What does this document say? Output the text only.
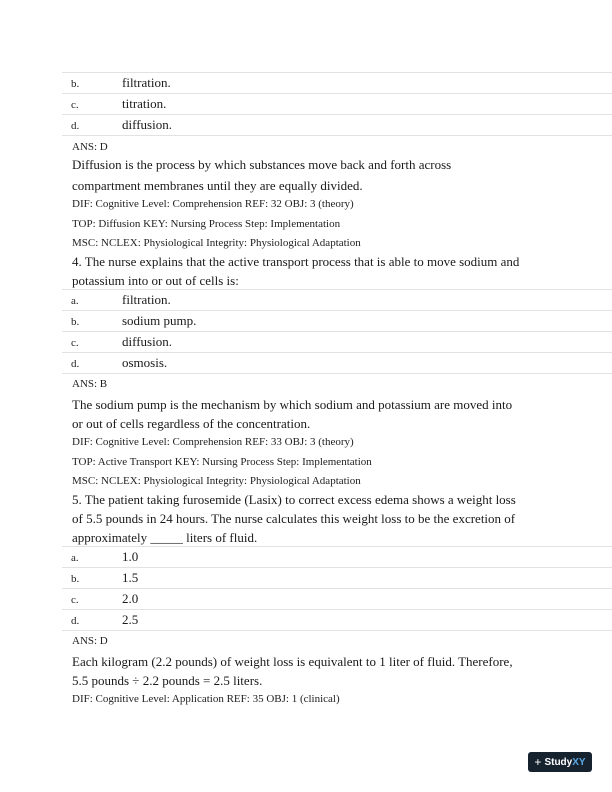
b.	filtration.
c.	titration.
d.	diffusion.
ANS: D
Diffusion is the process by which substances move back and forth across
compartment membranes until they are equally divided.
DIF: Cognitive Level: Comprehension REF: 32 OBJ: 3 (theory)
TOP: Diffusion KEY: Nursing Process Step: Implementation
MSC: NCLEX: Physiological Integrity: Physiological Adaptation
4. The nurse explains that the active transport process that is able to move sodium and
potassium into or out of cells is:
a.	filtration.
b.	sodium pump.
c.	diffusion.
d.	osmosis.
ANS: B
The sodium pump is the mechanism by which sodium and potassium are moved into
or out of cells regardless of the concentration.
DIF: Cognitive Level: Comprehension REF: 33 OBJ: 3 (theory)
TOP: Active Transport KEY: Nursing Process Step: Implementation
MSC: NCLEX: Physiological Integrity: Physiological Adaptation
5. The patient taking furosemide (Lasix) to correct excess edema shows a weight loss
of 5.5 pounds in 24 hours. The nurse calculates this weight loss to be the excretion of
approximately _____ liters of fluid.
a.	1.0
b.	1.5
c.	2.0
d.	2.5
ANS: D
Each kilogram (2.2 pounds) of weight loss is equivalent to 1 liter of fluid. Therefore,
5.5 pounds ÷ 2.2 pounds = 2.5 liters.
DIF: Cognitive Level: Application REF: 35 OBJ: 1 (clinical)
+ Study XY
